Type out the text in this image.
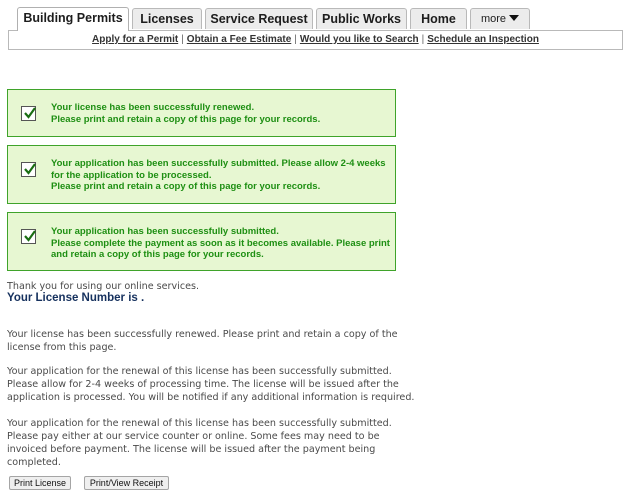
Building Permits	Licenses	Service Request	Public Works	Home	more
Apply for a Permit | Obtain a Fee Estimate | Would you like to Search | Schedule an Inspection
Your license has been successfully renewed.
Please print and retain a copy of this page for your records.
Your application has been successfully submitted. Please allow 2-4 weeks
for the application to be processed.
Please print and retain a copy of this page for your records.
Your application has been successfully submitted.
Please complete the payment as soon as it becomes available. Please print
and retain a copy of this page for your records.
Thank you for using our online services.
Your License Number is .
Your license has been successfully renewed. Please print and retain a copy of the
license from this page.
Your application for the renewal of this license has been successfully submitted.
Please allow for 2-4 weeks of processing time. The license will be issued after the
application is processed. You will be notified if any additional information is required.
Your application for the renewal of this license has been successfully submitted.
Please pay either at our service counter or online. Some fees may need to be
invoiced before payment. The license will be issued after the payment being
completed.
Print License	Print/View Receipt
